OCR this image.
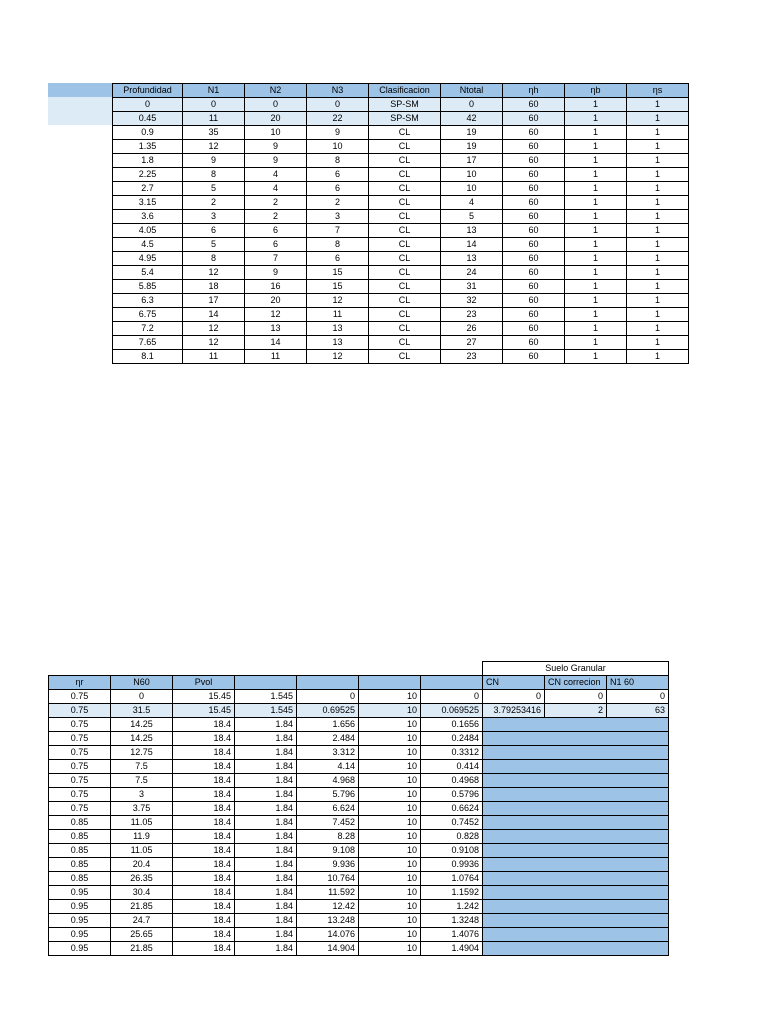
Profundidad	N1	N2	N3	Clasificacion	Ntotal	ηh	ηb	ηs
0	0	0	0	SP-SM	0	60	1	1
0.45	11	20	22	SP-SM	42	60	1	1
0.9	35	10	9	CL	19	60	1	1
1.35	12	9	10	CL	19	60	1	1
1.8	9	9	8	CL	17	60	1	1
2.25	8	4	6	CL	10	60	1	1
2.7	5	4	6	CL	10	60	1	1
3.15	2	2	2	CL	4	60	1	1
3.6	3	2	3	CL	5	60	1	1
4.05	6	6	7	CL	13	60	1	1
4.5	5	6	8	CL	14	60	1	1
4.95	8	7	6	CL	13	60	1	1
5.4	12	9	15	CL	24	60	1	1
5.85	18	16	15	CL	31	60	1	1
6.3	17	20	12	CL	32	60	1	1
6.75	14	12	11	CL	23	60	1	1
7.2	12	13	13	CL	26	60	1	1
7.65	12	14	13	CL	27	60	1	1
8.1	11	11	12	CL	23	60	1	1
							Suelo Granular		
ηr	N60	Pvol					CN	CN correcion	N1 60
0.75	0	15.45	1.545	0	10	0	0	0	0
0.75	31.5	15.45	1.545	0.69525	10	0.069525	3.79253416	2	63
0.75	14.25	18.4	1.84	1.656	10	0.1656			
0.75	14.25	18.4	1.84	2.484	10	0.2484			
0.75	12.75	18.4	1.84	3.312	10	0.3312			
0.75	7.5	18.4	1.84	4.14	10	0.414			
0.75	7.5	18.4	1.84	4.968	10	0.4968			
0.75	3	18.4	1.84	5.796	10	0.5796			
0.75	3.75	18.4	1.84	6.624	10	0.6624			
0.85	11.05	18.4	1.84	7.452	10	0.7452			
0.85	11.9	18.4	1.84	8.28	10	0.828			
0.85	11.05	18.4	1.84	9.108	10	0.9108			
0.85	20.4	18.4	1.84	9.936	10	0.9936			
0.85	26.35	18.4	1.84	10.764	10	1.0764			
0.95	30.4	18.4	1.84	11.592	10	1.1592			
0.95	21.85	18.4	1.84	12.42	10	1.242			
0.95	24.7	18.4	1.84	13.248	10	1.3248			
0.95	25.65	18.4	1.84	14.076	10	1.4076			
0.95	21.85	18.4	1.84	14.904	10	1.4904			
